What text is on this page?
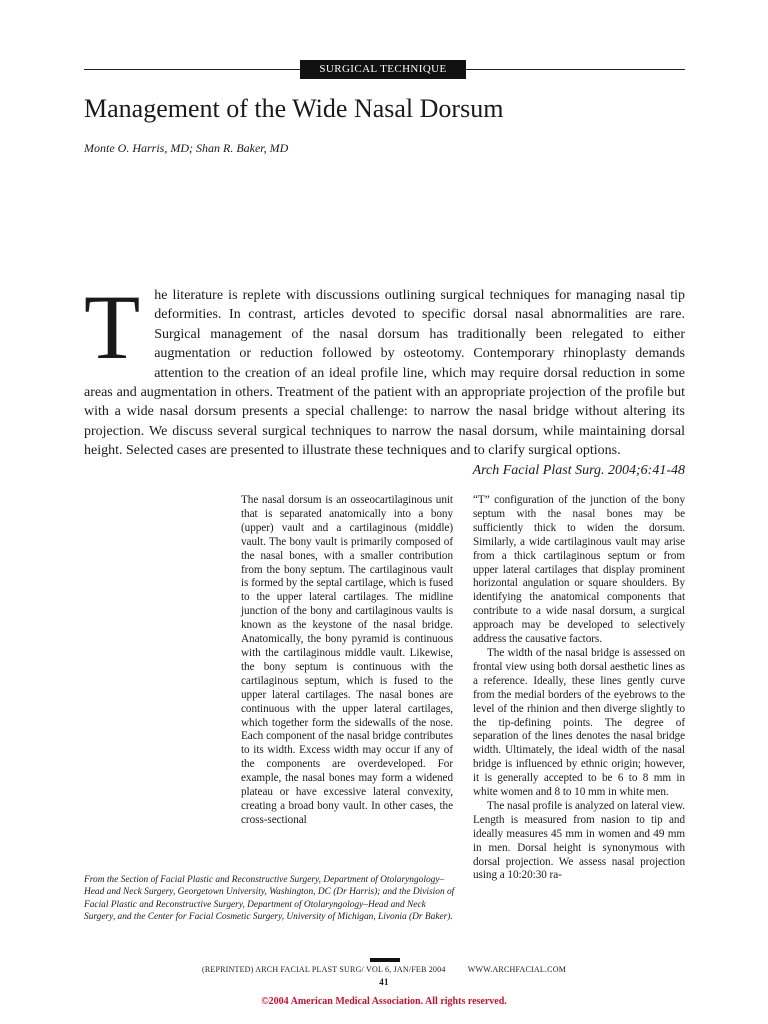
SURGICAL TECHNIQUE
Management of the Wide Nasal Dorsum
Monte O. Harris, MD; Shan R. Baker, MD

T he literature is replete with discussions outlining surgical techniques for managing nasal tip deformities. In contrast, articles devoted to specific dorsal nasal abnormalities are rare. Surgical management of the nasal dorsum has traditionally been relegated to either augmentation or reduction followed by osteotomy. Contemporary rhinoplasty demands attention to the creation of an ideal profile line, which may require dorsal reduction in some areas and augmentation in others. Treatment of the patient with an appropriate projection of the profile but with a wide nasal dorsum presents a special challenge: to narrow the nasal bridge without altering its projection. We discuss several surgical techniques to narrow the nasal dorsum, while maintaining dorsal height. Selected cases are presented to illustrate these techniques and to clarify surgical options.
Arch Facial Plast Surg. 2004;6:41-48

The nasal dorsum is an osseocartilaginous unit that is separated anatomically into a bony (upper) vault and a cartilaginous (middle) vault. The bony vault is primarily composed of the nasal bones, with a smaller contribution from the bony septum. The cartilaginous vault is formed by the septal cartilage, which is fused to the upper lateral cartilages. The midline junction of the bony and cartilaginous vaults is known as the keystone of the nasal bridge. Anatomically, the bony pyramid is continuous with the cartilaginous middle vault. Likewise, the bony septum is continuous with the cartilaginous septum, which is fused to the upper lateral cartilages. The nasal bones are continuous with the upper lateral cartilages, which together form the sidewalls of the nose. Each component of the nasal bridge contributes to its width. Excess width may occur if any of the components are overdeveloped. For example, the nasal bones may form a widened plateau or have excessive lateral convexity, creating a broad bony vault. In other cases, the cross-sectional

“T” configuration of the junction of the bony septum with the nasal bones may be sufficiently thick to widen the dorsum. Similarly, a wide cartilaginous vault may arise from a thick cartilaginous septum or from upper lateral cartilages that display prominent horizontal angulation or square shoulders. By identifying the anatomical components that contribute to a wide nasal dorsum, a surgical approach may be developed to selectively address the causative factors.

The width of the nasal bridge is assessed on frontal view using both dorsal aesthetic lines as a reference. Ideally, these lines gently curve from the medial borders of the eyebrows to the level of the rhinion and then diverge slightly to the tip-defining points. The degree of separation of the lines denotes the nasal bridge width. Ultimately, the ideal width of the nasal bridge is influenced by ethnic origin; however, it is generally accepted to be 6 to 8 mm in white women and 8 to 10 mm in white men.

The nasal profile is analyzed on lateral view. Length is measured from nasion to tip and ideally measures 45 mm in women and 49 mm in men. Dorsal height is synonymous with dorsal projection. We assess nasal projection using a 10:20:30 ra-

From the Section of Facial Plastic and Reconstructive Surgery, Department of Otolaryngology–Head and Neck Surgery, Georgetown University, Washington, DC (Dr Harris); and the Division of Facial Plastic and Reconstructive Surgery, Department of Otolaryngology–Head and Neck Surgery, and the Center for Facial Cosmetic Surgery, University of Michigan, Livonia (Dr Baker).

(REPRINTED) ARCH FACIAL PLAST SURG/ VOL 6, JAN/FEB 2004	WWW.ARCHFACIAL.COM
41
©2004 American Medical Association. All rights reserved.
